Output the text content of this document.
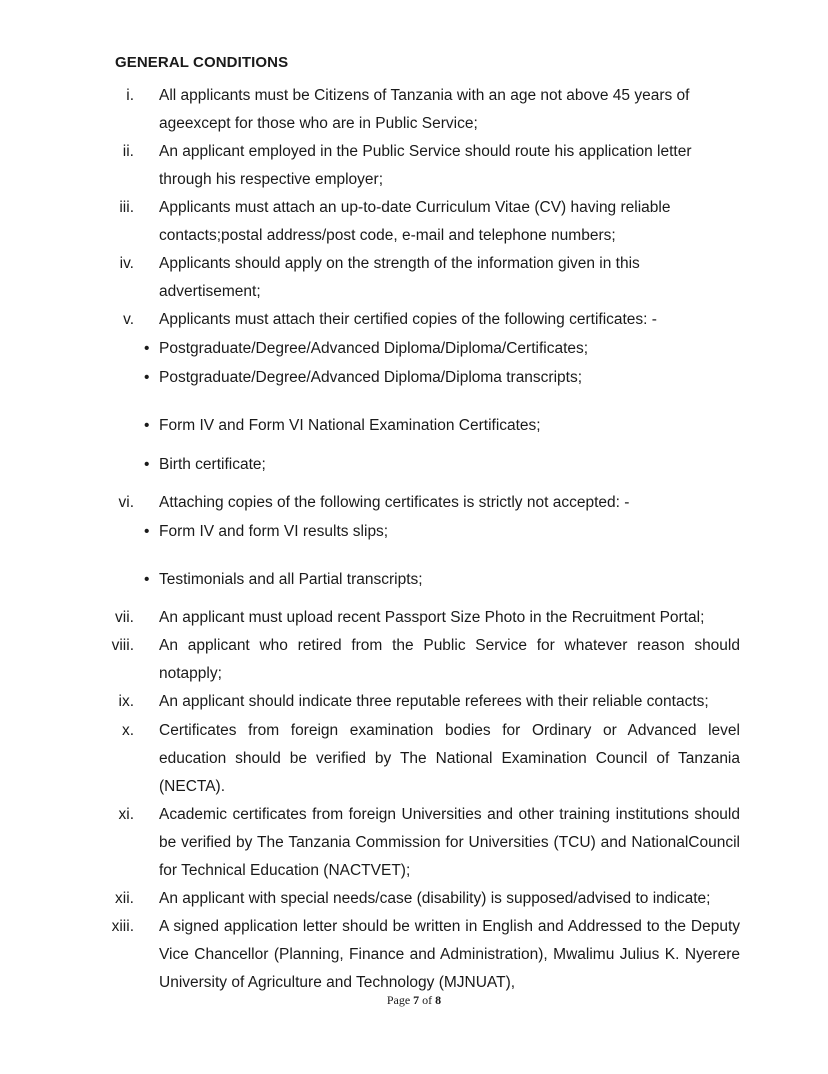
GENERAL CONDITIONS
i. All applicants must be Citizens of Tanzania with an age not above 45 years of ageexcept for those who are in Public Service;
ii. An applicant employed in the Public Service should route his application letter through his respective employer;
iii. Applicants must attach an up-to-date Curriculum Vitae (CV) having reliable contacts;postal address/post code, e-mail and telephone numbers;
iv. Applicants should apply on the strength of the information given in this advertisement;
v. Applicants must attach their certified copies of the following certificates: -
• Postgraduate/Degree/Advanced Diploma/Diploma/Certificates;
• Postgraduate/Degree/Advanced Diploma/Diploma transcripts;
• Form IV and Form VI National Examination Certificates;
• Birth certificate;
vi. Attaching copies of the following certificates is strictly not accepted: -
• Form IV and form VI results slips;
• Testimonials and all Partial transcripts;
vii. An applicant must upload recent Passport Size Photo in the Recruitment Portal;
viii. An applicant who retired from the Public Service for whatever reason should notapply;
ix. An applicant should indicate three reputable referees with their reliable contacts;
x. Certificates from foreign examination bodies for Ordinary or Advanced level education should be verified by The National Examination Council of Tanzania (NECTA).
xi. Academic certificates from foreign Universities and other training institutions should be verified by The Tanzania Commission for Universities (TCU) and NationalCouncil for Technical Education (NACTVET);
xii. An applicant with special needs/case (disability) is supposed/advised to indicate;
xiii. A signed application letter should be written in English and Addressed to the Deputy Vice Chancellor (Planning, Finance and Administration), Mwalimu Julius K. Nyerere University of Agriculture and Technology (MJNUAT),
Page 7 of 8
